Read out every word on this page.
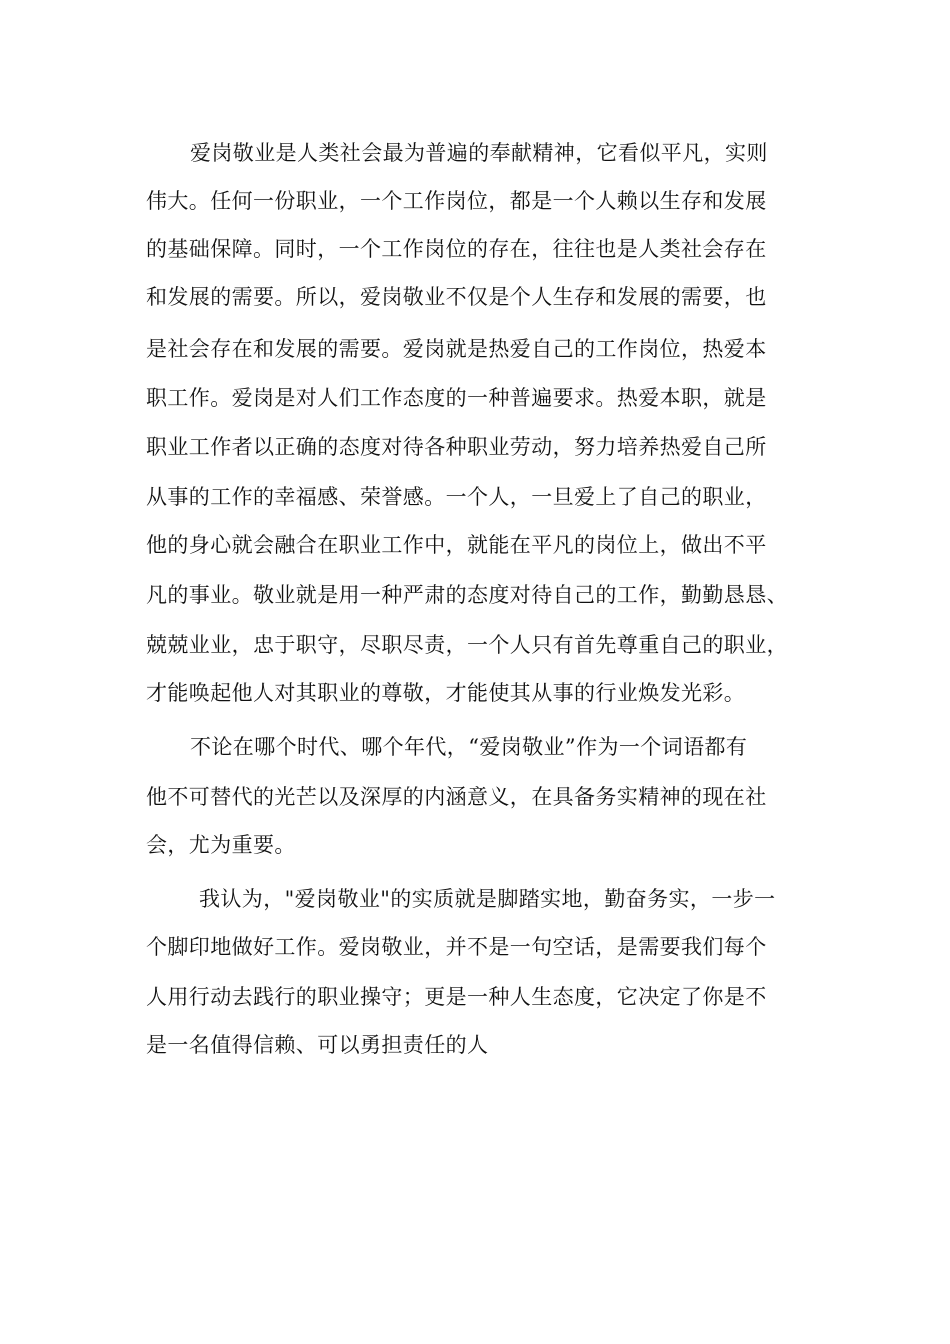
爱岗敬业是人类社会最为普遍的奉献精神，它看似平凡，实则
伟大。任何一份职业，一个工作岗位，都是一个人赖以生存和发展
的基础保障。同时，一个工作岗位的存在，往往也是人类社会存在
和发展的需要。所以，爱岗敬业不仅是个人生存和发展的需要，也
是社会存在和发展的需要。爱岗就是热爱自己的工作岗位，热爱本
职工作。爱岗是对人们工作态度的一种普遍要求。热爱本职，就是
职业工作者以正确的态度对待各种职业劳动，努力培养热爱自己所
从事的工作的幸福感、荣誉感。一个人，一旦爱上了自己的职业，
他的身心就会融合在职业工作中，就能在平凡的岗位上，做出不平
凡的事业。敬业就是用一种严肃的态度对待自己的工作，勤勤恳恳、
兢兢业业，忠于职守，尽职尽责，一个人只有首先尊重自己的职业，
才能唤起他人对其职业的尊敬，才能使其从事的行业焕发光彩。
不论在哪个时代、哪个年代，“爱岗敬业”作为一个词语都有
他不可替代的光芒以及深厚的内涵意义，在具备务实精神的现在社
会，尤为重要。
我认为，"爱岗敬业"的实质就是脚踏实地，勤奋务实，一步一
个脚印地做好工作。爱岗敬业，并不是一句空话，是需要我们每个
人用行动去践行的职业操守；更是一种人生态度，它决定了你是不
是一名值得信赖、可以勇担责任的人
